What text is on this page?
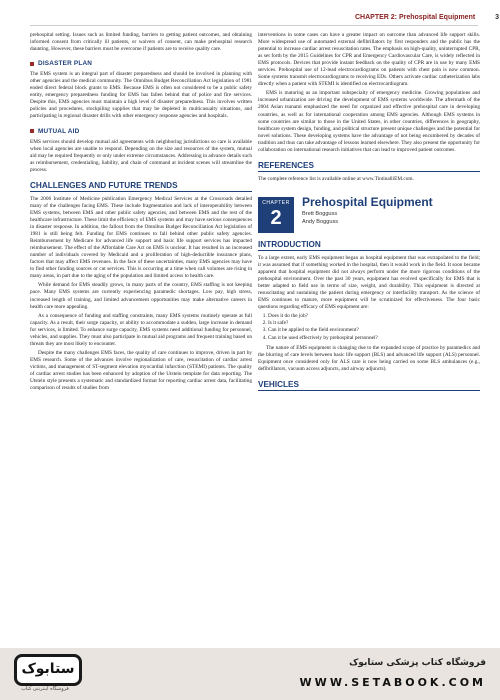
CHAPTER 2: Prehospital Equipment	3

prehospital setting. Issues such as limited funding, barriers to getting patient outcomes, and obtaining informed consent from critically ill patients, or waivers of consent, can make prehospital research daunting. However, these barriers must be overcome if patients are to receive quality care.

DISASTER PLAN

The EMS system is an integral part of disaster preparedness and should be involved in planning with other agencies and the medical community. The Omnibus Budget Reconciliation Act legislation of 1981 ended direct federal block grants to EMS. Because EMS is often not considered to be a public safety entity, emergency preparedness funding for EMS has fallen behind that of police and fire services. Despite this, EMS agencies must maintain a high level of disaster preparedness. This involves written policies and procedures, stockpiling supplies that may be depleted in multicasualty situations, and participating in regional disaster drills with other emergency response agencies and hospitals.

MUTUAL AID

EMS services should develop mutual aid agreements with neighboring jurisdictions so care is available when local agencies are unable to respond. Depending on the size and resources of the system, mutual aid may be required frequently or only under extreme circumstances. Addressing in advance details such as reimbursement, credentialing, liability, and chain of command at incident scenes will streamline the process.

CHALLENGES AND FUTURE TRENDS

The 2006 Institute of Medicine publication Emergency Medical Services at the Crossroads detailed many of the challenges facing EMS. These include fragmentation and lack of interoperability between EMS systems, between EMS and other public safety agencies, and between EMS and the rest of the healthcare infrastructure. These limit the efficiency of EMS systems and may have serious consequences in disaster response. In addition, the fallout from the Omnibus Budget Reconciliation Act legislation of 1981 is still being felt. Funding for EMS continues to fall behind other public safety agencies. Reimbursement by Medicare for advanced life support and basic life support services has impacted reimbursement. The effect of the Affordable Care Act on EMS is unclear. It has resulted in an increased number of individuals covered by Medicaid and a proliferation of high-deductible insurance plans, factors that may affect EMS revenues. In the face of these uncertainties, many EMS agencies may have to find other funding sources or cut services. This is occurring at a time when call volumes are rising in many areas, in part due to the aging of the population and limited access to health care.

While demand for EMS steadily grows, in many parts of the country, EMS staffing is not keeping pace. Many EMS systems are currently experiencing paramedic shortages. Low pay, high stress, increased length of training, and limited advancement opportunities may make alternative careers in health care more appealing.

As a consequence of funding and staffing constraints, many EMS systems routinely operate at full capacity. As a result, their surge capacity, or ability to accommodate a sudden, large increase in demand for services, is limited. To enhance surge capacity, EMS systems need additional funding for personnel, vehicles, and supplies. They must also participate in mutual aid programs and frequent training based on threats they are most likely to encounter.

Despite the many challenges EMS faces, the quality of care continues to improve, driven in part by EMS research. Some of the advances involve regionalization of care, resuscitation of cardiac arrest victims, and management of ST-segment elevation myocardial infarction (STEMI) patients. The quality of cardiac arrest studies has been enhanced by adoption of the Utstein template for data reporting. The Utstein style presents a systematic and standardized format for reporting cardiac arrest data, facilitating comparison of results of studies from

interventions in some cases can have a greater impact on outcome than advanced life support skills. More widespread use of automated external defibrillators by first responders and the public has the potential to increase cardiac arrest resuscitation rates. The emphasis on high-quality, uninterrupted CPR, as set forth by the 2015 Guidelines for CPR and Emergency Cardiovascular Care, is widely reflected in EMS protocols. Devices that provide instant feedback on the quality of CPR are in use by many EMS services. Prehospital use of 12-lead electrocardiograms on patients with chest pain is now common. Some systems transmit electrocardiograms to receiving EDs. Others activate cardiac catheterization labs directly when a patient with STEMI is identified on electrocardiogram.

EMS is maturing as an important subspecialty of emergency medicine. Growing populations and increased urbanization are driving the development of EMS systems worldwide. The aftermath of the 2004 Asian tsunami emphasized the need for organized and effective prehospital care in developing countries, as well as for international cooperation among EMS agencies. Although EMS systems in some countries are similar to those in the United States, in other countries, differences in geography, healthcare system design, funding, and political structure present unique challenges and the potential for novel solutions. These developing systems have the advantage of not being encumbered by decades of tradition and thus can take advantage of lessons learned elsewhere. They also present the opportunity for collaboration on international research initiatives that can lead to improved patient outcomes.

REFERENCES

The complete reference list is available online at www.TintinalliEM.com.

CHAPTER
2
Prehospital Equipment
Brett Bogguss
Andy Bogguss
INTRODUCTION

To a large extent, early EMS equipment began as hospital equipment that was extrapolated to the field; it was assumed that if something worked in the hospital, then it would work in the field. It soon became apparent that hospital equipment did not always perform under the more rigorous conditions of the prehospital environment. Over the past 30 years, equipment has evolved specifically for EMS that is better adapted to field use in terms of size, weight, and durability. This equipment is directed at resuscitating and sustaining the patient during emergency or interfacility transport. As the science of EMS continues to mature, more equipment will be scrutinized for effectiveness. The four basic questions regarding efficacy of EMS equipment are:

1. Does it do the job?
2. Is it safe?
3. Can it be applied to the field environment?
4. Can it be used effectively by prehospital personnel?

The nature of EMS equipment is changing due to the expanded scope of practice by paramedics and the blurring of care levels between basic life support (BLS) and advanced life support (ALS) personnel. Equipment once considered only for ALS care is now being carried on some BLS ambulances (e.g., defibrillators, vacuum access adjuncts, and airway adjuncts).

VEHICLES
ستابوک
فروشگاه اینترنتی کتاب
فروشگاه کتاب پزشکی ستابوک
WWW.SETABOOK.COM
